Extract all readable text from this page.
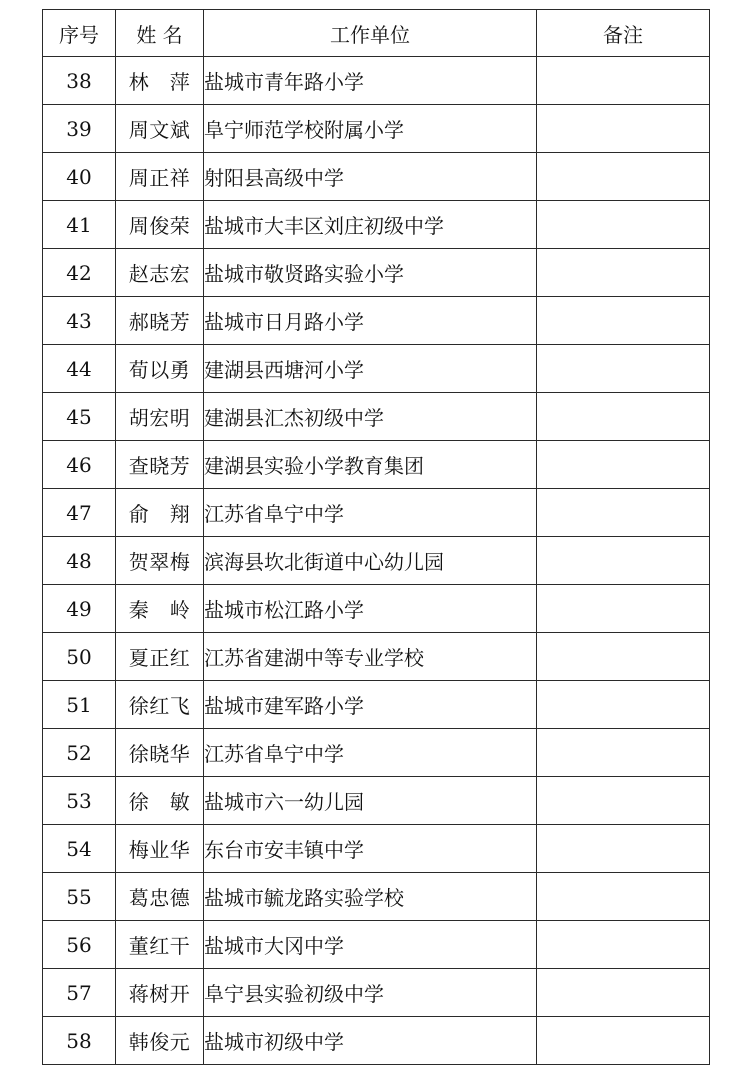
序号	姓 名	工作单位	备注
38	林　萍	盐城市青年路小学	
39	周文斌	阜宁师范学校附属小学	
40	周正祥	射阳县高级中学	
41	周俊荣	盐城市大丰区刘庄初级中学	
42	赵志宏	盐城市敬贤路实验小学	
43	郝晓芳	盐城市日月路小学	
44	荀以勇	建湖县西塘河小学	
45	胡宏明	建湖县汇杰初级中学	
46	查晓芳	建湖县实验小学教育集团	
47	俞　翔	江苏省阜宁中学	
48	贺翠梅	滨海县坎北街道中心幼儿园	
49	秦　岭	盐城市松江路小学	
50	夏正红	江苏省建湖中等专业学校	
51	徐红飞	盐城市建军路小学	
52	徐晓华	江苏省阜宁中学	
53	徐　敏	盐城市六一幼儿园	
54	梅业华	东台市安丰镇中学	
55	葛忠德	盐城市毓龙路实验学校	
56	董红干	盐城市大冈中学	
57	蒋树开	阜宁县实验初级中学	
58	韩俊元	盐城市初级中学	
